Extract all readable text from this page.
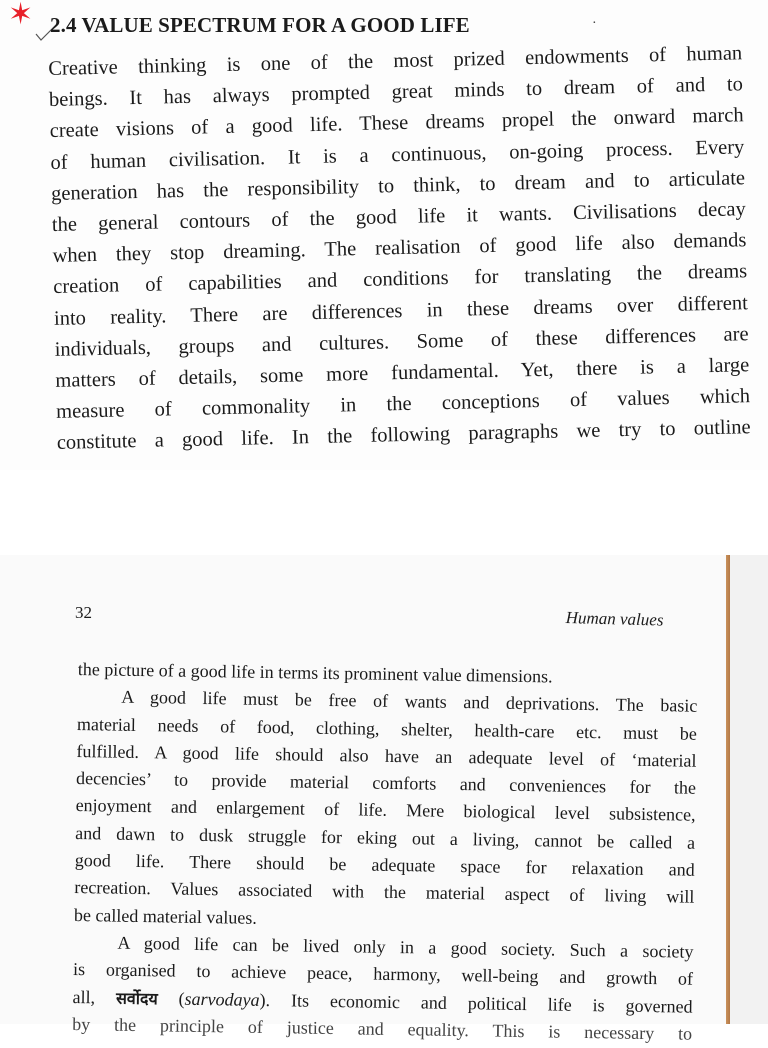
✶ 2.4 VALUE SPECTRUM FOR A GOOD LIFE	·
Creative thinking is one of the most prized endowments of human
beings. It has always prompted great minds to dream of and to
create visions of a good life. These dreams propel the onward march
of human civilisation. It is a continuous, on-going process. Every
generation has the responsibility to think, to dream and to articulate
the general contours of the good life it wants. Civilisations decay
when they stop dreaming. The realisation of good life also demands
creation of capabilities and conditions for translating the dreams
into reality. There are differences in these dreams over different
individuals, groups and cultures. Some of these differences are
matters of details, some more fundamental. Yet, there is a large
measure of commonality in the conceptions of values which
constitute a good life. In the following paragraphs we try to outline
32	Human values
the picture of a good life in terms its prominent value dimensions.
A good life must be free of wants and deprivations. The basic
material needs of food, clothing, shelter, health-care etc. must be
fulfilled. A good life should also have an adequate level of ‘material
decencies’ to provide material comforts and conveniences for the
enjoyment and enlargement of life. Mere biological level subsistence,
and dawn to dusk struggle for eking out a living, cannot be called a
good life. There should be adequate space for relaxation and
recreation. Values associated with the material aspect of living will
be called material values.
A good life can be lived only in a good society. Such a society
is organised to achieve peace, harmony, well-being and growth of
all, सर्वोदय (sarvodaya). Its economic and political life is governed
by the principle of justice and equality. This is necessary to
